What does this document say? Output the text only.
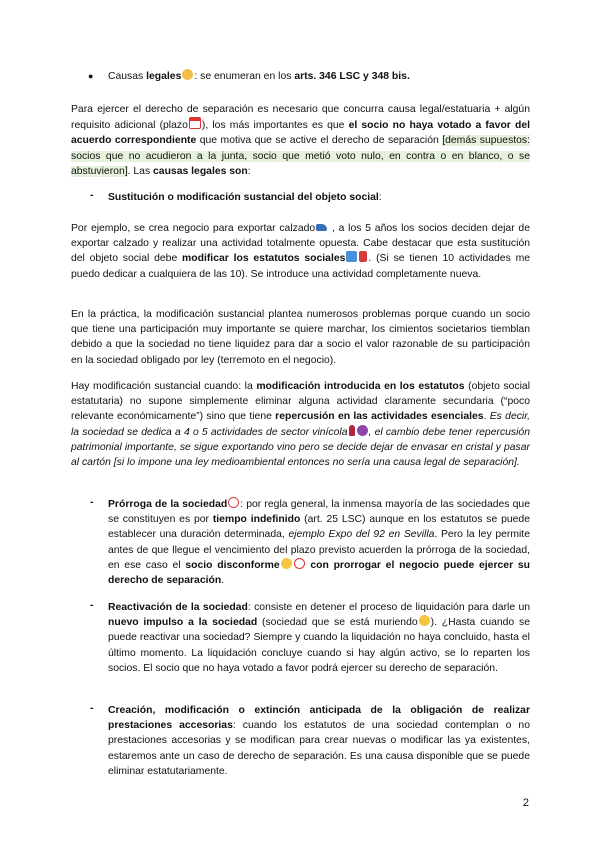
● Causas legales : se enumeran en los arts. 346 LSC y 348 bis.

Para ejercer el derecho de separación es necesario que concurra causa legal/estatuaria + algún requisito adicional (plazo ), los más importantes es que el socio no haya votado a favor del acuerdo correspondiente que motiva que se active el derecho de separación [demás supuestos: socios que no acudieron a la junta, socio que metió voto nulo, en contra o en blanco, o se abstuvieron]. Las causas legales son:

- Sustitución o modificación sustancial del objeto social:

Por ejemplo, se crea negocio para exportar calzado , a los 5 años los socios deciden dejar de exportar calzado y realizar una actividad totalmente opuesta. Cabe destacar que esta sustitución del objeto social debe modificar los estatutos sociales . (Si se tienen 10 actividades me puedo dedicar a cualquiera de las 10). Se introduce una actividad completamente nueva.

En la práctica, la modificación sustancial plantea numerosos problemas porque cuando un socio que tiene una participación muy importante se quiere marchar, los cimientos societarios tiemblan debido a que la sociedad no tiene liquidez para dar a socio el valor razonable de su participación en la sociedad obligado por ley (terremoto en el negocio).

Hay modificación sustancial cuando: la modificación introducida en los estatutos (objeto social estatutaria) no supone simplemente eliminar alguna actividad claramente secundaria (“poco relevante económicamente”) sino que tiene repercusión en las actividades esenciales. Es decir, la sociedad se dedica a 4 o 5 actividades de sector vinícola , el cambio debe tener repercusión patrimonial importante, se sigue exportando vino pero se decide dejar de envasar en cristal y pasar al cartón [si lo impone una ley medioambiental entonces no sería una causa legal de separación].

- Prórroga de la sociedad : por regla general, la inmensa mayoría de las sociedades que se constituyen es por tiempo indefinido (art. 25 LSC) aunque en los estatutos se puede establecer una duración determinada, ejemplo Expo del 92 en Sevilla. Pero la ley permite antes de que llegue el vencimiento del plazo previsto acuerden la prórroga de la sociedad, en ese caso el socio disconforme	con prorrogar el negocio puede ejercer su derecho de separación.

- Reactivación de la sociedad: consiste en detener el proceso de liquidación para darle un nuevo impulso a la sociedad (sociedad que se está muriendo ). ¿Hasta cuando se puede reactivar una sociedad? Siempre y cuando la liquidación no haya concluido, hasta el último momento. La liquidación concluye cuando si hay algún activo, se lo reparten los socios. El socio que no haya votado a favor podrá ejercer su derecho de separación.

- Creación, modificación o extinción anticipada de la obligación de realizar prestaciones accesorias: cuando los estatutos de una sociedad contemplan o no prestaciones accesorias y se modifican para crear nuevas o modificar las ya existentes, estaremos ante un caso de derecho de separación. Es una causa disponible que se puede eliminar estatutariamente.

2
